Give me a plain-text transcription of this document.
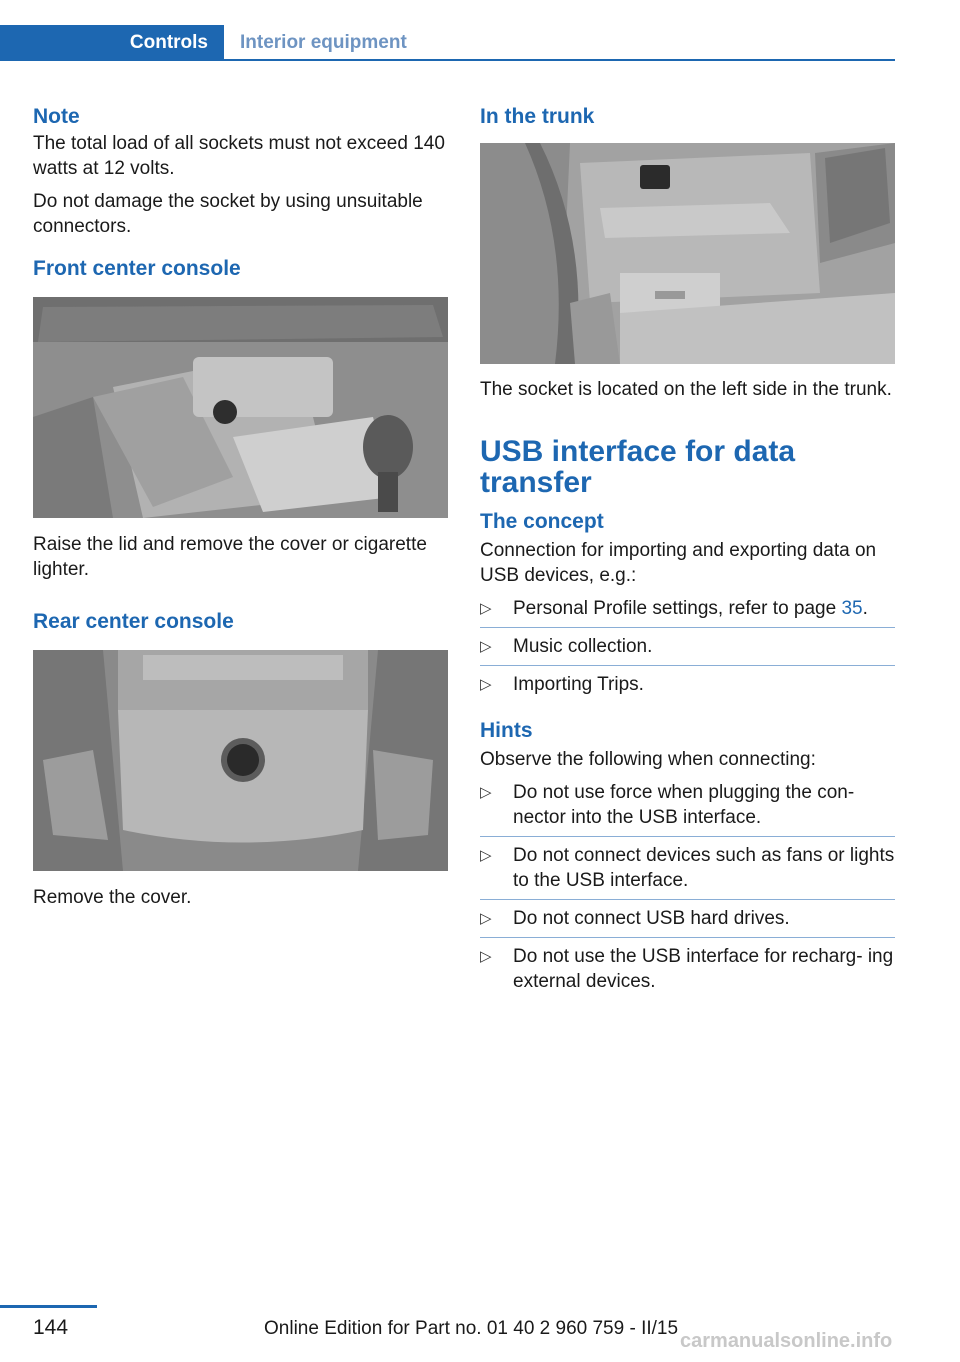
Controls	Interior equipment
Note

The total load of all sockets must not exceed 140 watts at 12 volts.

Do not damage the socket by using unsuitable connectors.

Front center console

Raise the lid and remove the cover or cigarette lighter.

Rear center console

Remove the cover.

In the trunk

The socket is located on the left side in the trunk.

USB interface for data transfer
The concept

Connection for importing and exporting data on USB devices, e.g.:

▷	Personal Profile settings, refer to page 35.
▷	Music collection.
▷	Importing Trips.
Hints

Observe the following when connecting:

▷	Do not use force when plugging the con‐ nector into the USB interface.
▷	Do not connect devices such as fans or lights to the USB interface.
▷	Do not connect USB hard drives.
▷	Do not use the USB interface for recharg‐ ing external devices.
144	Online Edition for Part no. 01 40 2 960 759 - II/15
carmanualsonline.info
